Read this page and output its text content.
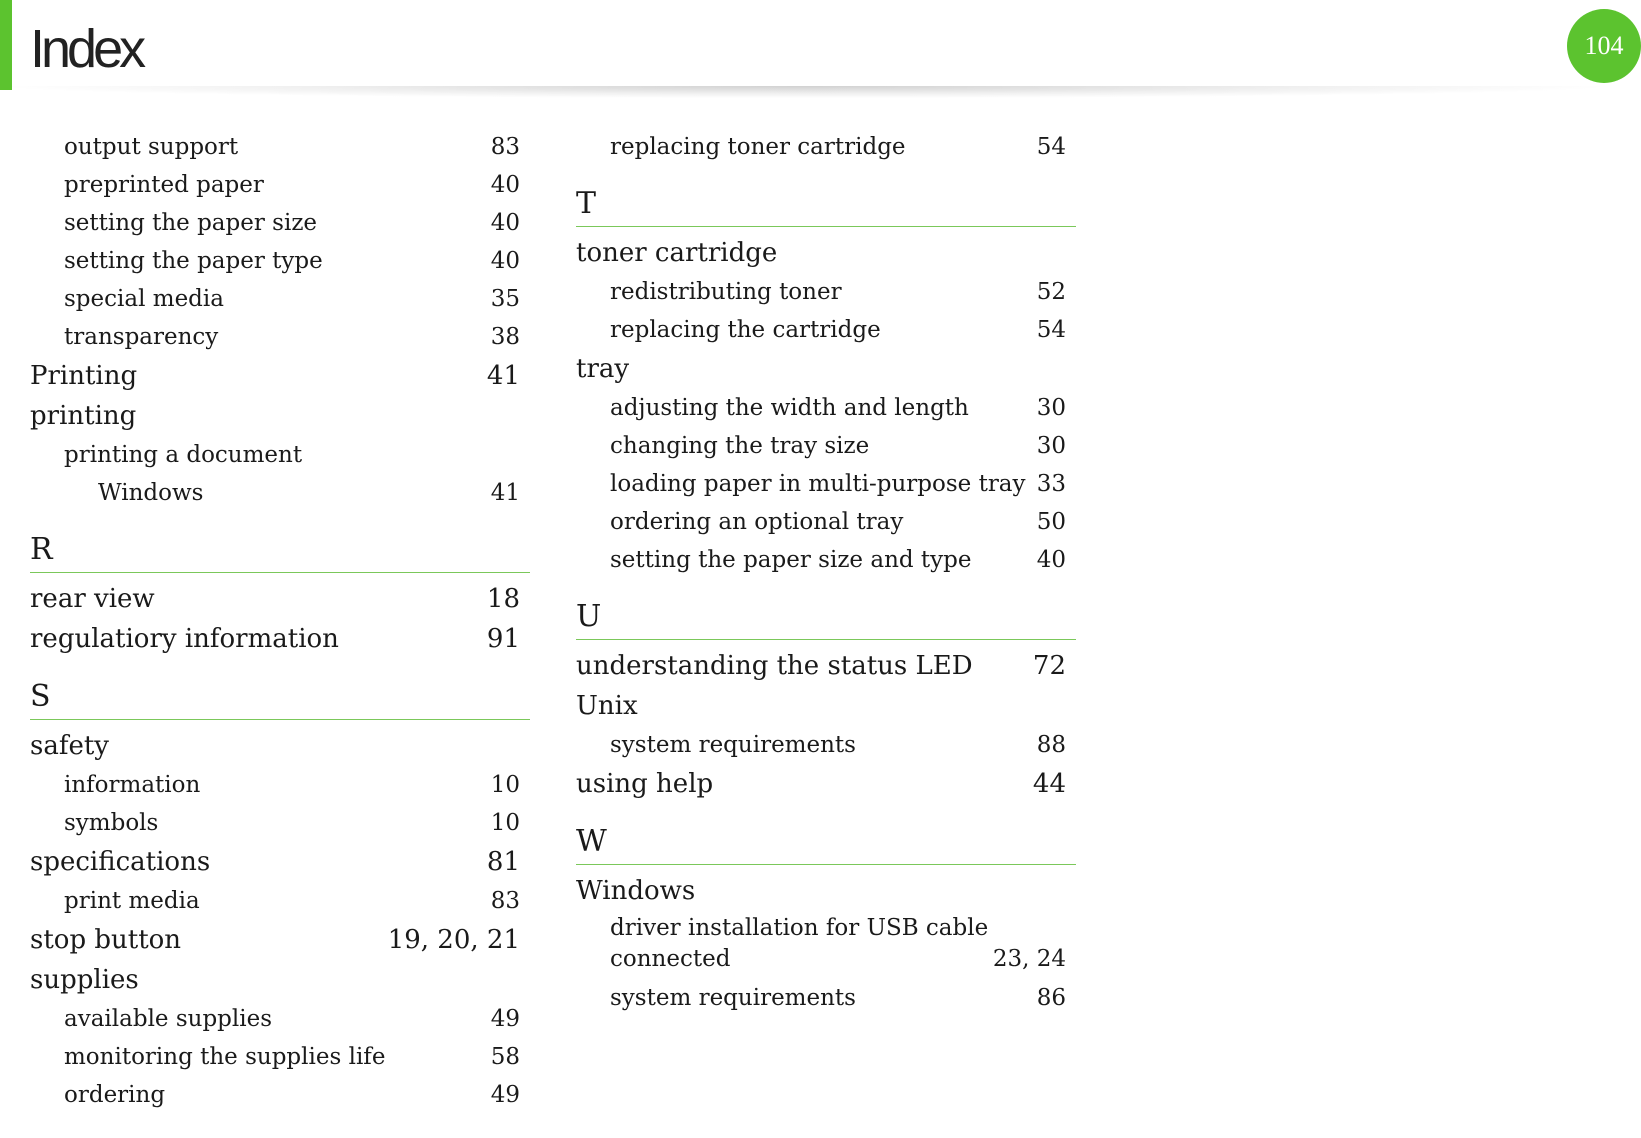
Index	104
output support	83
preprinted paper	40
setting the paper size	40
setting the paper type	40
special media	35
transparency	38
Printing	41
printing
printing a document
Windows	41
R
rear view	18
regulatiory information	91
S
safety
information	10
symbols	10
specifications	81
print media	83
stop button	19, 20, 21
supplies
available supplies	49
monitoring the supplies life	58
ordering	49
replacing toner cartridge	54
T
toner cartridge
redistributing toner	52
replacing the cartridge	54
tray
adjusting the width and length	30
changing the tray size	30
loading paper in multi-purpose tray 33
ordering an optional tray	50
setting the paper size and type	40
U
understanding the status LED	72
Unix
system requirements	88
using help	44
W
Windows
driver installation for USB cable connected	23, 24
system requirements	86
